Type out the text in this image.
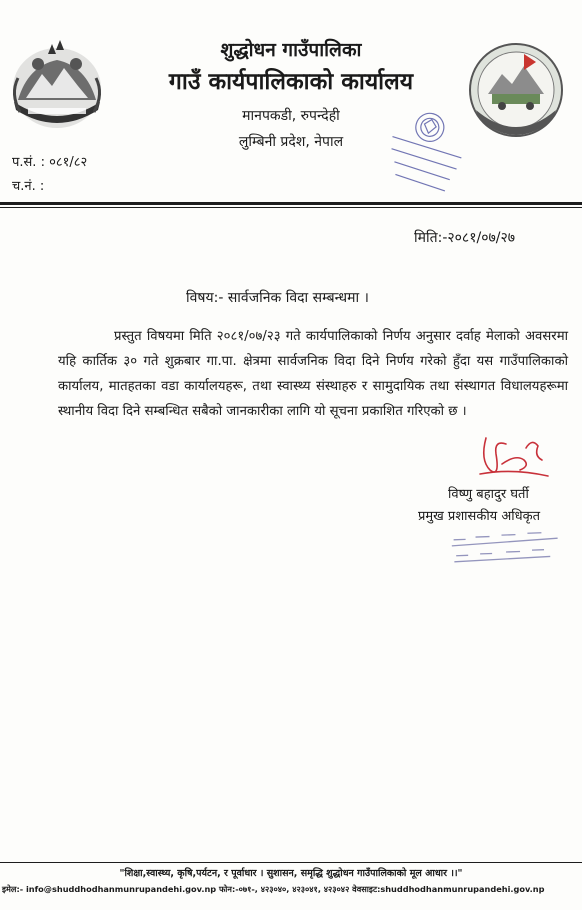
शुद्धोधन गाउँपालिका
गाउँ कार्यपालिकाको कार्यालय
मानपकडी, रुपन्देही
लुम्बिनी प्रदेश, नेपाल
प.सं. : ०८१/८२
च.नं. :
मिति:-२०८१/०७/२७
विषय:- सार्वजनिक विदा सम्बन्धमा ।
प्रस्तुत विषयमा मिति २०८१/०७/२३ गते कार्यपालिकाको निर्णय अनुसार दर्वाह मेलाको अवसरमा यहि कार्तिक ३० गते शुक्रबार गा.पा. क्षेत्रमा सार्वजनिक विदा दिने निर्णय गरेको हुँदा यस गाउँपालिकाको कार्यालय, मातहतका वडा कार्यालयहरू, तथा स्वास्थ्य संस्थाहरु र सामुदायिक तथा संस्थागत विधालयहरूमा स्थानीय विदा दिने सम्बन्धित सबैको जानकारीका लागि यो सूचना प्रकाशित गरिएको छ ।
विष्णु बहादुर घर्ती
प्रमुख प्रशासकीय अधिकृत
"शिक्षा,स्वास्थ्य, कृषि,पर्यटन, र पूर्वाधार । सुशासन, समृद्धि शुद्धोधन गाउँपालिकाको मूल आधार ।।"
इमेल:- info@shuddhodhanmunrupandehi.gov.np फोन:-०७१-, ४२३०४०, ४२३०४१, ४२३०४२ वेवसाइट:shuddhodhanmunrupandehi.gov.np
